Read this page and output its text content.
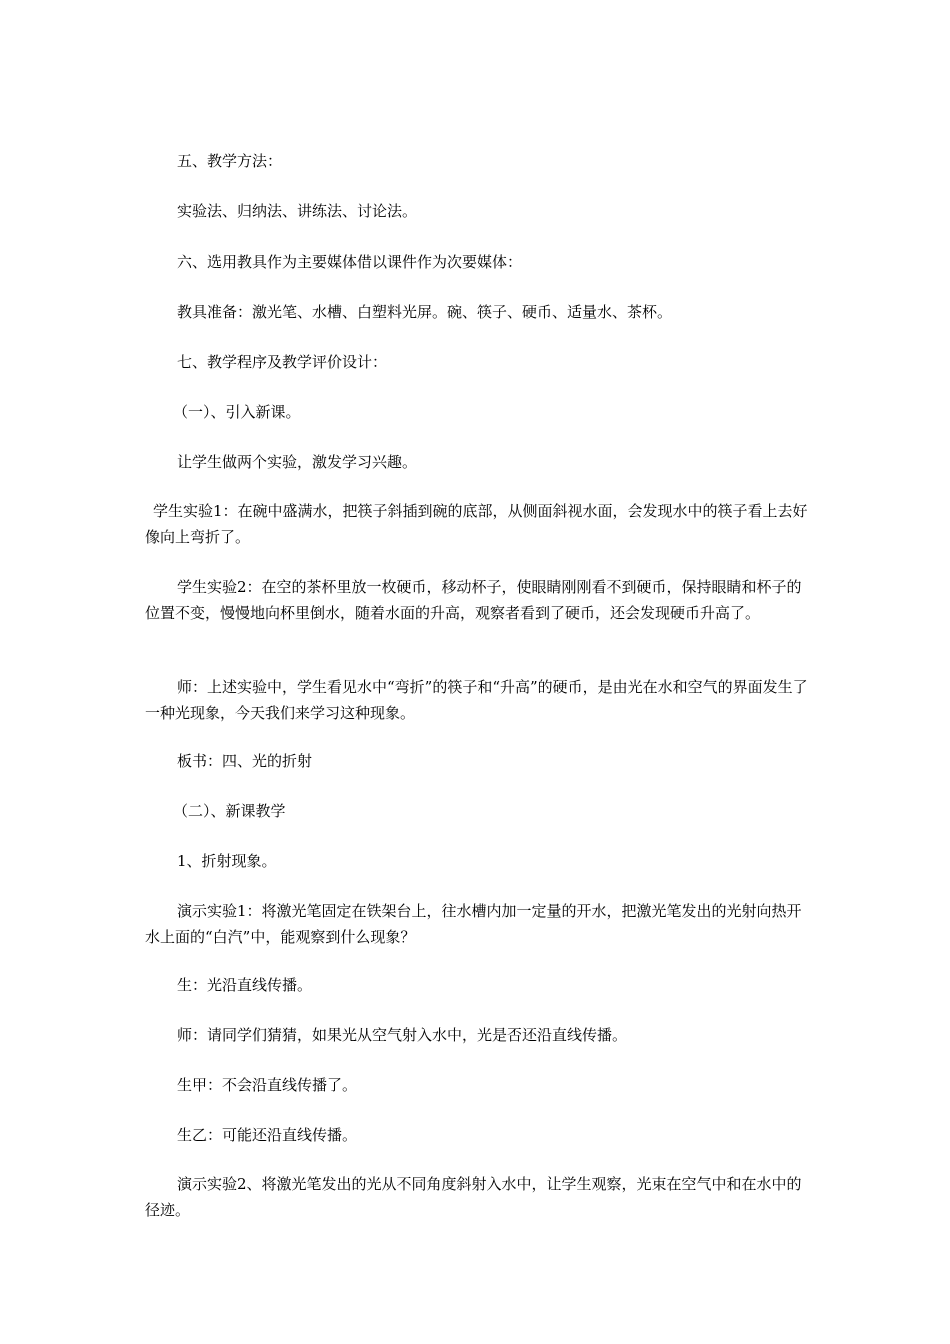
五、教学方法：

实验法、归纳法、讲练法、讨论法。

六、选用教具作为主要媒体借以课件作为次要媒体：

教具准备：激光笔、水槽、白塑料光屏。碗、筷子、硬币、适量水、茶杯。

七、教学程序及教学评价设计：

（一）、引入新课。

让学生做两个实验，激发学习兴趣。

学生实验1：在碗中盛满水，把筷子斜插到碗的底部，从侧面斜视水面，会发现水中的筷子看上去好像向上弯折了。

学生实验2：在空的茶杯里放一枚硬币，移动杯子，使眼睛刚刚看不到硬币，保持眼睛和杯子的位置不变，慢慢地向杯里倒水，随着水面的升高，观察者看到了硬币，还会发现硬币升高了。

师：上述实验中，学生看见水中“弯折”的筷子和“升高”的硬币，是由光在水和空气的界面发生了一种光现象，今天我们来学习这种现象。

板书：四、光的折射

（二）、新课教学

1、折射现象。

演示实验1：将激光笔固定在铁架台上，往水槽内加一定量的开水，把激光笔发出的光射向热开水上面的“白汽”中，能观察到什么现象？

生：光沿直线传播。

师：请同学们猜猜，如果光从空气射入水中，光是否还沿直线传播。

生甲：不会沿直线传播了。

生乙：可能还沿直线传播。

演示实验2、将激光笔发出的光从不同角度斜射入水中，让学生观察，光束在空气中和在水中的径迹。
